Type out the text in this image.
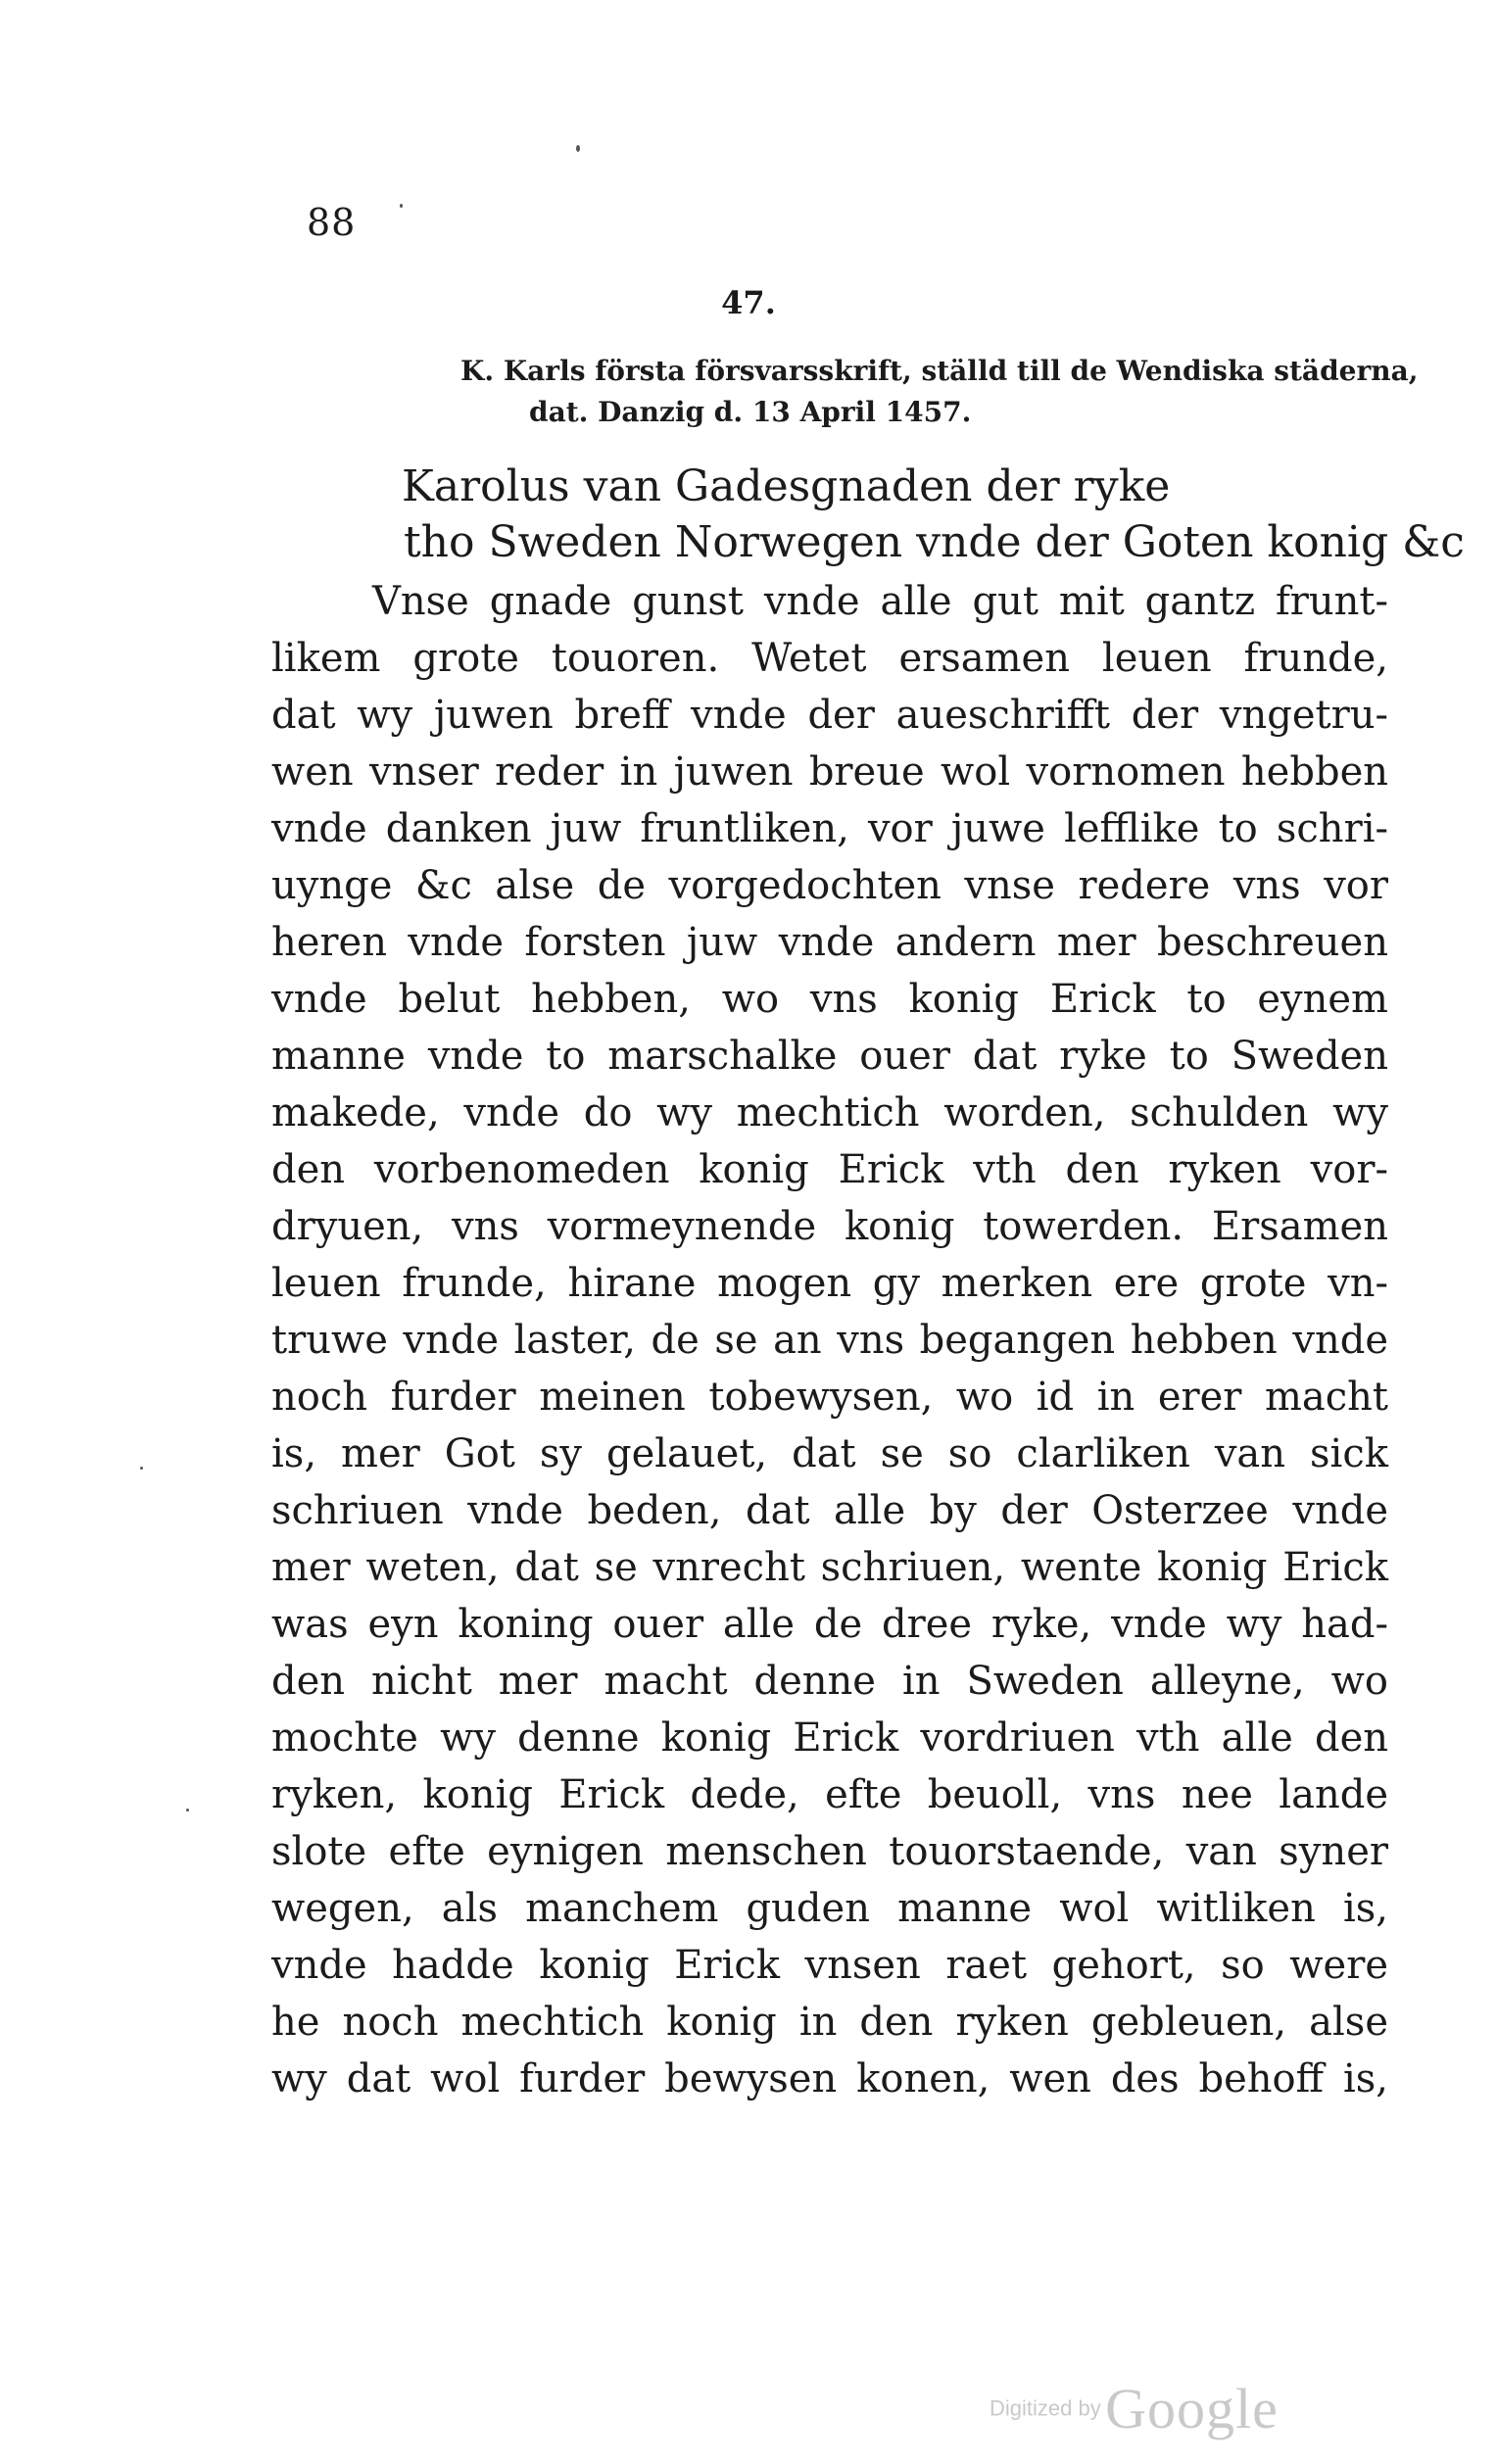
88
47.
K. Karls första försvarsskrift, ställd till de Wendiska städerna,
dat. Danzig d. 13 April 1457.
Karolus van Gadesgnaden der ryke
tho Sweden Norwegen vnde der Goten konig &c
Vnse gnade gunst vnde alle gut mit gantz frunt-
likem grote touoren. Wetet ersamen leuen frunde,
dat wy juwen breff vnde der aueschrifft der vngetru-
wen vnser reder in juwen breue wol vornomen hebben
vnde danken juw fruntliken, vor juwe lefflike to schri-
uynge &c alse de vorgedochten vnse redere vns vor
heren vnde forsten juw vnde andern mer beschreuen
vnde belut hebben, wo vns konig Erick to eynem
manne vnde to marschalke ouer dat ryke to Sweden
makede, vnde do wy mechtich worden, schulden wy
den vorbenomeden konig Erick vth den ryken vor-
dryuen, vns vormeynende konig towerden. Ersamen
leuen frunde, hirane mogen gy merken ere grote vn-
truwe vnde laster, de se an vns begangen hebben vnde
noch furder meinen tobewysen, wo id in erer macht
is, mer Got sy gelauet, dat se so clarliken van sick
schriuen vnde beden, dat alle by der Osterzee vnde
mer weten, dat se vnrecht schriuen, wente konig Erick
was eyn koning ouer alle de dree ryke, vnde wy had-
den nicht mer macht denne in Sweden alleyne, wo
mochte wy denne konig Erick vordriuen vth alle den
ryken, konig Erick dede, efte beuoll, vns nee lande
slote efte eynigen menschen touorstaende, van syner
wegen, als manchem guden manne wol witliken is,
vnde hadde konig Erick vnsen raet gehort, so were
he noch mechtich konig in den ryken gebleuen, alse
wy dat wol furder bewysen konen, wen des behoff is,
Digitized by Google
